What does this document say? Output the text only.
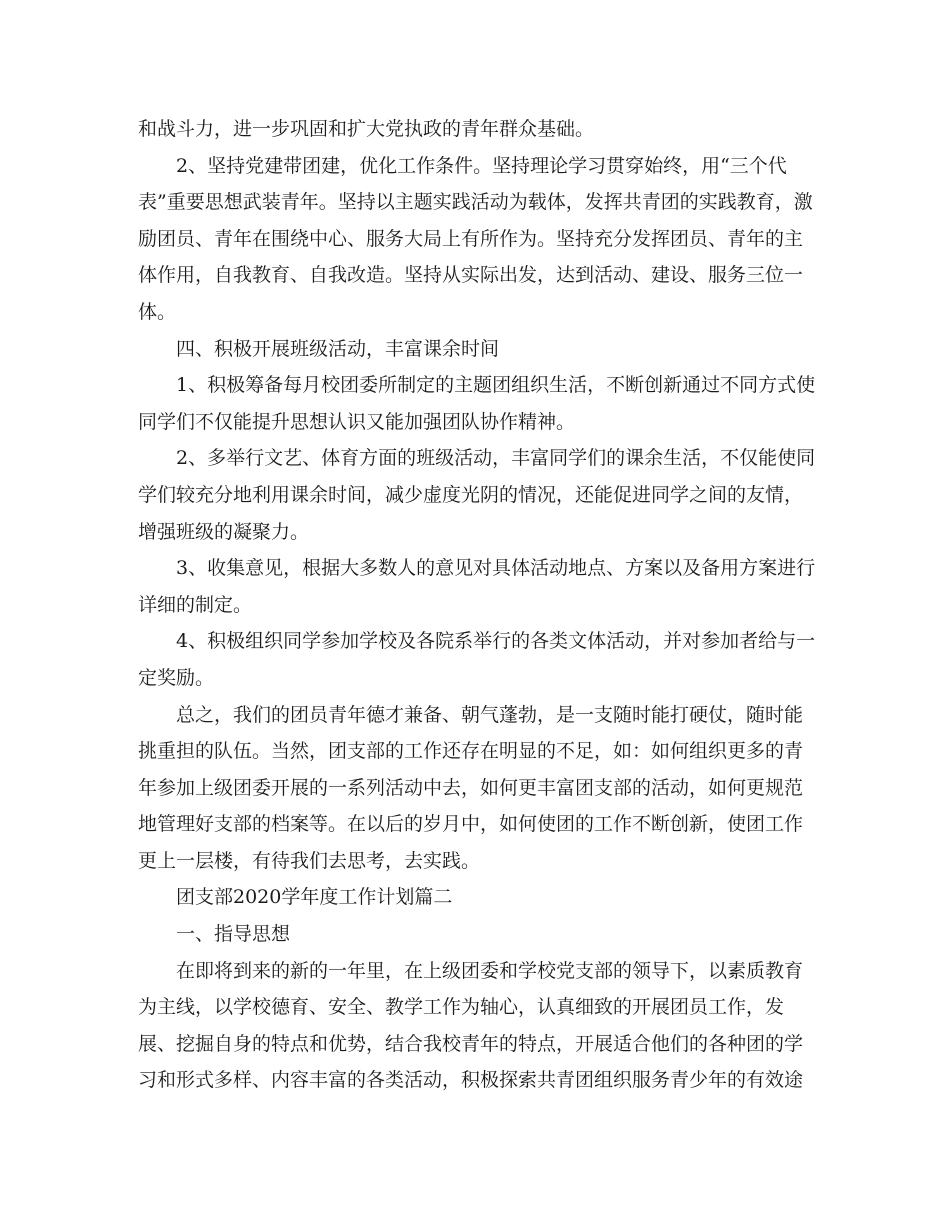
和战斗力，进一步巩固和扩大党执政的青年群众基础。
2、坚持党建带团建，优化工作条件。坚持理论学习贯穿始终，用“三个代
表”重要思想武装青年。坚持以主题实践活动为载体，发挥共青团的实践教育，激
励团员、青年在围绕中心、服务大局上有所作为。坚持充分发挥团员、青年的主
体作用，自我教育、自我改造。坚持从实际出发，达到活动、建设、服务三位一
体。
四、积极开展班级活动，丰富课余时间
1、积极筹备每月校团委所制定的主题团组织生活，不断创新通过不同方式使
同学们不仅能提升思想认识又能加强团队协作精神。
2、多举行文艺、体育方面的班级活动，丰富同学们的课余生活，不仅能使同
学们较充分地利用课余时间，减少虚度光阴的情况，还能促进同学之间的友情，
增强班级的凝聚力。
3、收集意见，根据大多数人的意见对具体活动地点、方案以及备用方案进行
详细的制定。
4、积极组织同学参加学校及各院系举行的各类文体活动，并对参加者给与一
定奖励。
总之，我们的团员青年德才兼备、朝气蓬勃，是一支随时能打硬仗，随时能
挑重担的队伍。当然，团支部的工作还存在明显的不足，如：如何组织更多的青
年参加上级团委开展的一系列活动中去，如何更丰富团支部的活动，如何更规范
地管理好支部的档案等。在以后的岁月中，如何使团的工作不断创新，使团工作
更上一层楼，有待我们去思考，去实践。
团支部2020学年度工作计划篇二
一、指导思想
在即将到来的新的一年里，在上级团委和学校党支部的领导下，以素质教育
为主线，以学校德育、安全、教学工作为轴心，认真细致的开展团员工作，发
展、挖掘自身的特点和优势，结合我校青年的特点，开展适合他们的各种团的学
习和形式多样、内容丰富的各类活动，积极探索共青团组织服务青少年的有效途
